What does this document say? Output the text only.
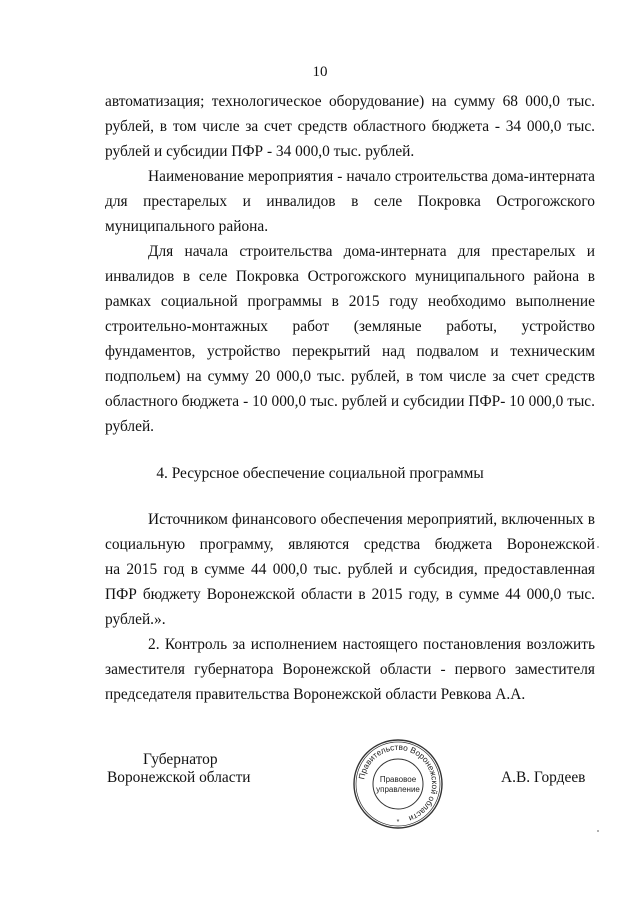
10
автоматизация; технологическое оборудование) на сумму 68 000,0 тыс.
рублей, в том числе за счет средств областного бюджета - 34 000,0 тыс.
рублей и субсидии ПФР - 34 000,0 тыс. рублей.
Наименование мероприятия - начало строительства дома-интерната
для престарелых и инвалидов в селе Покровка Острогожского
муниципального района.
Для начала строительства дома-интерната для престарелых и
инвалидов в селе Покровка Острогожского муниципального района в
рамках социальной программы в 2015 году необходимо выполнение
строительно-монтажных работ (земляные работы, устройство
фундаментов, устройство перекрытий над подвалом и техническим
подпольем) на сумму 20 000,0 тыс. рублей, в том числе за счет средств
областного бюджета - 10 000,0 тыс. рублей и субсидии ПФР- 10 000,0 тыс.
рублей.
4. Ресурсное обеспечение социальной программы
Источником финансового обеспечения мероприятий, включенных в
социальную программу, являются средства бюджета Воронежской
на 2015 год в сумме 44 000,0 тыс. рублей и субсидия, предоставленная
ПФР бюджету Воронежской области в 2015 году, в сумме 44 000,0 тыс.
рублей.».
2. Контроль за исполнением настоящего постановления возложить
заместителя губернатора Воронежской области - первого заместителя
председателя правительства Воронежской области Ревкова А.А.
Губернатор
Воронежской области	А.В. Гордеев
Правительство Воронежской области
Правовое
управление
*
